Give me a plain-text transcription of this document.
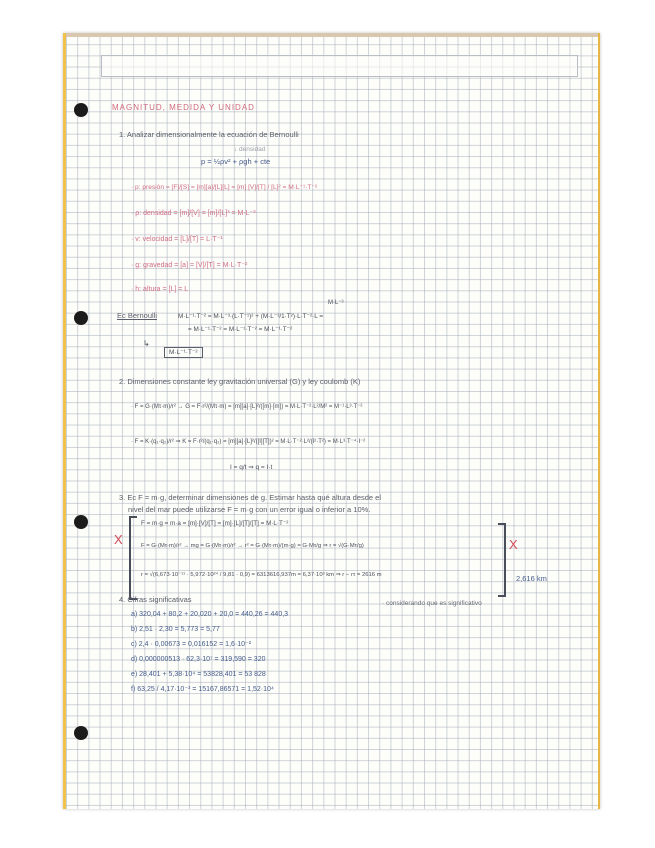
MAGNITUD, MEDIDA Y UNIDAD
1. Analizar dimensionalmente la ecuación de Bernoulli
↓ densidad
p = ½ρv² + ρgh + cte
· p: presión = [F]/[S] = [m][a]/[L][L] = [m] [V]/[T] / [L]² = M·L⁻¹·T⁻²
· ρ: densidad = [m]/[V] = [m]/[L]³ = M·L⁻³
· v: velocidad = [L]/[T] = L·T⁻¹
· g: gravedad = [a] = [V]/[T] = M·L·T⁻²
· h: altura = [L] = L
Ec Bernoulli
M·L⁻³
M·L⁻¹·T⁻² = M·L⁻³·(L·T⁻¹)² + (M·L⁻³/1·T²)·L·T⁻²·L =
= M·L⁻¹·T⁻² = M·L⁻¹·T⁻² = M·L⁻¹·T⁻²
↳
M·L⁻¹·T⁻²
2. Dimensiones constante ley gravitación universal (G) y ley coulomb (K)
· F = G·(Mτ·m)/r² → G = F·r²/(Mτ·m) = [m][a]·[L]²/([m]·[m]) = M·L·T⁻²·L²/M² = M⁻¹·L³·T⁻²
· F = K·(q₁·q₂)/r² ⇒ K = F·r²/(q₁·q₂) = [m][a]·[L]²/([I][T])² = M·L·T⁻²·L²/(I²·T²) = M·L³·T⁻⁴·I⁻²
I = q/t ⇒ q = I·t
3. Ec F = m·g, determinar dimensiones de g. Estimar hasta qué altura desde el
nivel del mar puede utilizarse F = m·g con un error igual o inferior a 10%.
X
F = m·g = m·a = [m]·[V]/[T] = [m]·[L]/[T]/[T] = M·L·T⁻²
F = G·(Mτ·m)/r² → mg = G·(Mτ·m)/r² → r² = G·(Mτ·m)/(m·g) = G·Mτ/g ⇒ r = √(G·Mτ/g)
r = √(6,673·10⁻¹¹ · 5,972·10²⁴ / 9,81 · 0,9) = 6313616,937m = 6,37·10³ km ⇒ r − rτ = 2616 m
X
2,616 km
4. Cifras significativas	· considerando que es significativo
a) 320,04 + 80,2 + 20,020 + 20,0 = 440,26 = 440,3
b) 2,51 · 2,30 = 5,773 = 5,77
c) 2,4 · 0,00673 = 0,016152 = 1,6·10⁻²
d) 0,000000513 · 62,3·10⁷ = 319,590 = 320
e) 28,401 + 5,38·10⁴ = 53828,401 = 53 828
f) 63,25 / 4,17·10⁻³ = 15167,86571 = 1,52·10⁴
